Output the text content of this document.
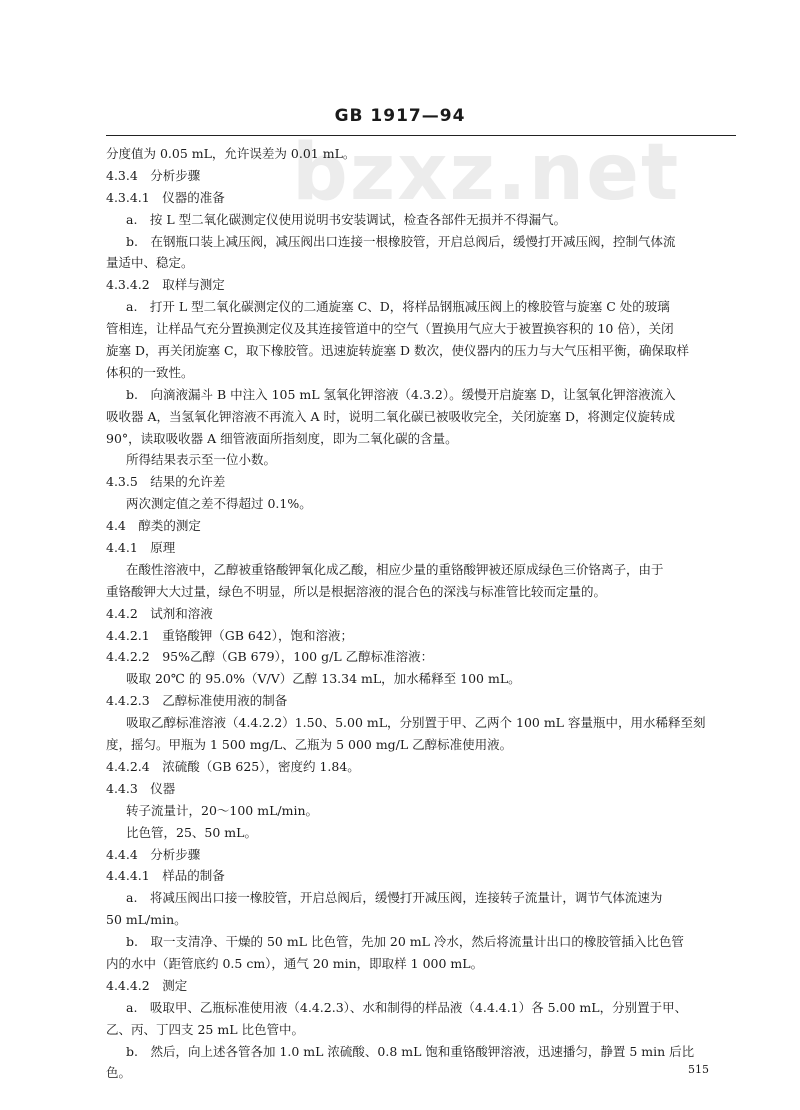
bzxz.net
GB 1917—94
分度值为 0.05 mL，允许误差为 0.01 mL。
4.3.4　分析步骤
4.3.4.1　仪器的准备
a.　按 L 型二氧化碳测定仪使用说明书安装调试，检查各部件无损并不得漏气。
b.　在钢瓶口装上减压阀，减压阀出口连接一根橡胶管，开启总阀后，缓慢打开减压阀，控制气体流
量适中、稳定。
4.3.4.2　取样与测定
a.　打开 L 型二氧化碳测定仪的二通旋塞 C、D，将样品钢瓶减压阀上的橡胶管与旋塞 C 处的玻璃
管相连，让样品气充分置换测定仪及其连接管道中的空气（置换用气应大于被置换容积的 10 倍），关闭
旋塞 D，再关闭旋塞 C，取下橡胶管。迅速旋转旋塞 D 数次，使仪器内的压力与大气压相平衡，确保取样
体积的一致性。
b.　向滴液漏斗 B 中注入 105 mL 氢氧化钾溶液（4.3.2）。缓慢开启旋塞 D，让氢氧化钾溶液流入
吸收器 A，当氢氧化钾溶液不再流入 A 时，说明二氧化碳已被吸收完全，关闭旋塞 D，将测定仪旋转成
90°，读取吸收器 A 细管液面所指刻度，即为二氧化碳的含量。
所得结果表示至一位小数。
4.3.5　结果的允许差
两次测定值之差不得超过 0.1%。
4.4　醇类的测定
4.4.1　原理
在酸性溶液中，乙醇被重铬酸钾氧化成乙酸，相应少量的重铬酸钾被还原成绿色三价铬离子，由于
重铬酸钾大大过量，绿色不明显，所以是根据溶液的混合色的深浅与标准管比较而定量的。
4.4.2　试剂和溶液
4.4.2.1　重铬酸钾（GB 642），饱和溶液；
4.4.2.2　95%乙醇（GB 679），100 g/L 乙醇标准溶液：
吸取 20℃ 的 95.0%（V/V）乙醇 13.34 mL，加水稀释至 100 mL。
4.4.2.3　乙醇标准使用液的制备
吸取乙醇标准溶液（4.4.2.2）1.50、5.00 mL，分别置于甲、乙两个 100 mL 容量瓶中，用水稀释至刻
度，摇匀。甲瓶为 1 500 mg/L、乙瓶为 5 000 mg/L 乙醇标准使用液。
4.4.2.4　浓硫酸（GB 625），密度约 1.84。
4.4.3　仪器
转子流量计，20～100 mL/min。
比色管，25、50 mL。
4.4.4　分析步骤
4.4.4.1　样品的制备
a.　将减压阀出口接一橡胶管，开启总阀后，缓慢打开减压阀，连接转子流量计，调节气体流速为
50 mL/min。
b.　取一支清净、干燥的 50 mL 比色管，先加 20 mL 冷水，然后将流量计出口的橡胶管插入比色管
内的水中（距管底约 0.5 cm），通气 20 min，即取样 1 000 mL。
4.4.4.2　测定
a.　吸取甲、乙瓶标准使用液（4.4.2.3）、水和制得的样品液（4.4.4.1）各 5.00 mL，分别置于甲、
乙、丙、丁四支 25 mL 比色管中。
b.　然后，向上述各管各加 1.0 mL 浓硫酸、0.8 mL 饱和重铬酸钾溶液，迅速播匀，静置 5 min 后比
色。	515
